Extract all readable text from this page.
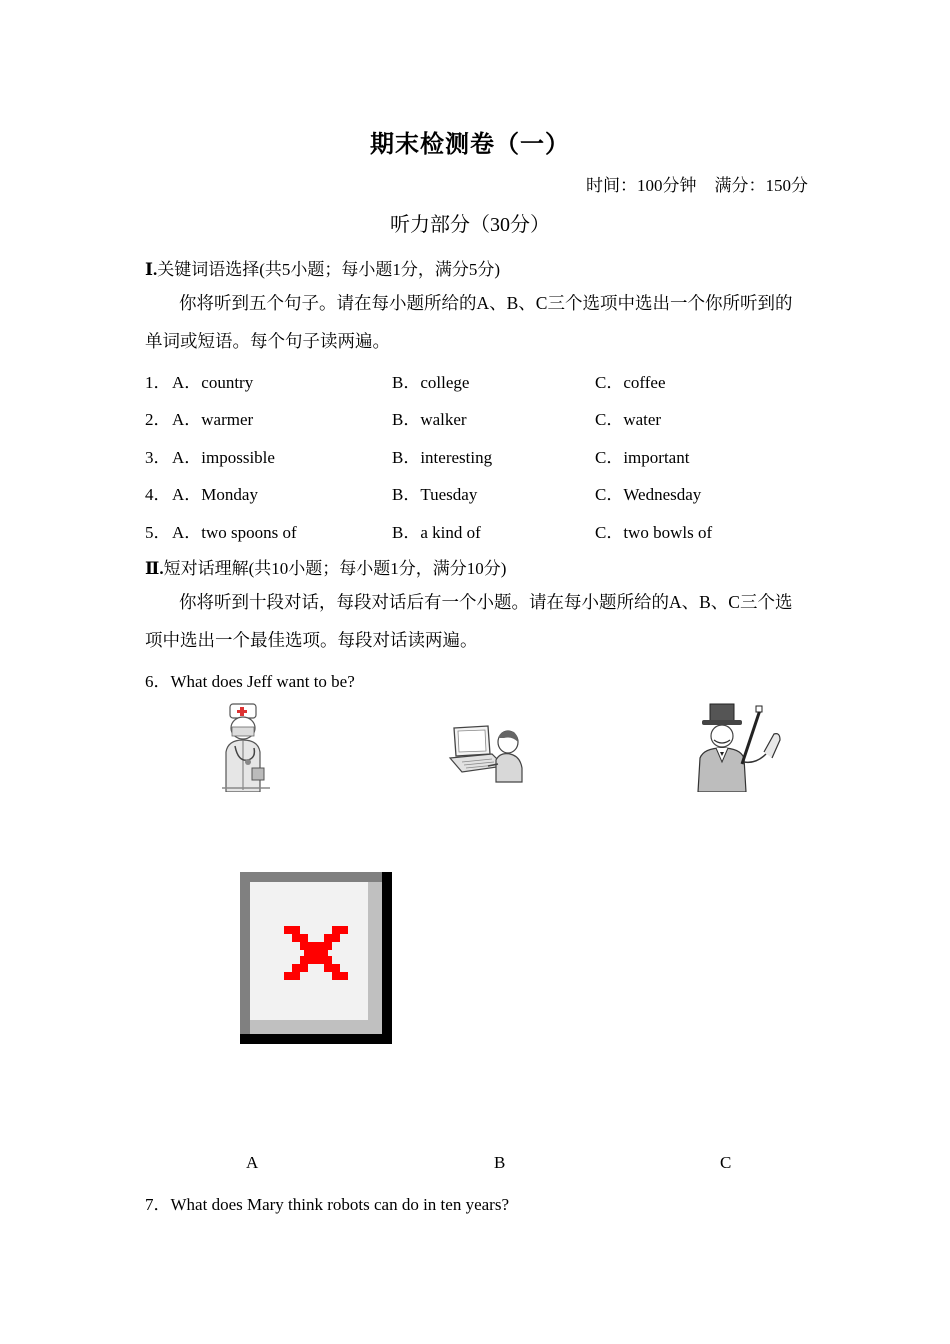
期末检测卷（一）
时间：100分钟 满分：150分
听力部分（30分）
Ⅰ.关键词语选择(共5小题；每小题1分，满分5分)
你将听到五个句子。请在每小题所给的A、B、C三个选项中选出一个你所听到的单词或短语。每个句子读两遍。
1． A．country	B．college	C．coffee
2． A．warmer	B．walker	C．water
3． A．impossible	B．interesting	C．important
4． A．Monday	B．Tuesday	C．Wednesday
5． A．two spoons of	B．a kind of	C．two bowls of
Ⅱ.短对话理解(共10小题；每小题1分，满分10分)
你将听到十段对话，每段对话后有一个小题。请在每小题所给的A、B、C三个选项中选出一个最佳选项。每段对话读两遍。
6．What does Jeff want to be?
A	B	C
7．What does Mary think robots can do in ten years?
